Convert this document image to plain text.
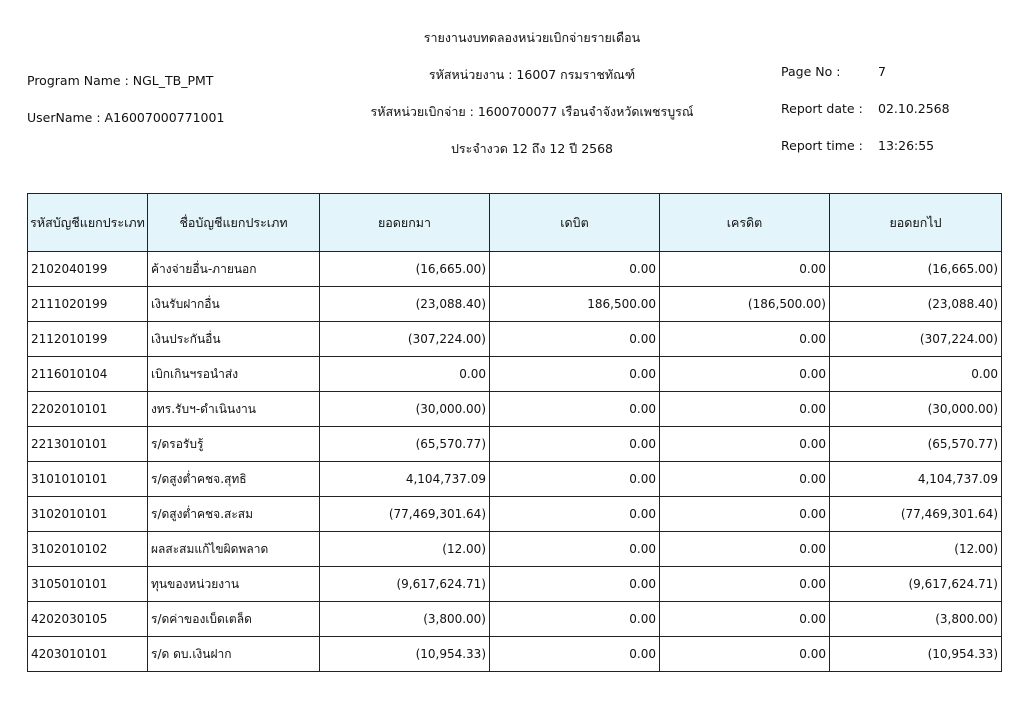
รายงานงบทดลองหน่วยเบิกจ่ายรายเดือน
รหัสหน่วยงาน : 16007 กรมราชทัณฑ์
รหัสหน่วยเบิกจ่าย : 1600700077 เรือนจำจังหวัดเพชรบูรณ์
ประจำงวด 12 ถึง 12 ปี 2568
Program Name : NGL_TB_PMT
UserName : A16007000771001
Page No :	7
Report date : 02.10.2568
Report time : 13:26:55
รหัสบัญชีแยกประเภท	ชื่อบัญชีแยกประเภท	ยอดยกมา	เดบิต	เครดิต	ยอดยกไป
2102040199	ค้างจ่ายอื่น-ภายนอก	(16,665.00)	0.00	0.00	(16,665.00)
2111020199	เงินรับฝากอื่น	(23,088.40)	186,500.00	(186,500.00)	(23,088.40)
2112010199	เงินประกันอื่น	(307,224.00)	0.00	0.00	(307,224.00)
2116010104	เบิกเกินฯรอนำส่ง	0.00	0.00	0.00	0.00
2202010101	งทร.รับฯ-ดำเนินงาน	(30,000.00)	0.00	0.00	(30,000.00)
2213010101	ร/ดรอรับรู้	(65,570.77)	0.00	0.00	(65,570.77)
3101010101	ร/ดสูงต่ำคชจ.สุทธิ	4,104,737.09	0.00	0.00	4,104,737.09
3102010101	ร/ดสูงต่ำคชจ.สะสม	(77,469,301.64)	0.00	0.00	(77,469,301.64)
3102010102	ผลสะสมแก้ไขผิดพลาด	(12.00)	0.00	0.00	(12.00)
3105010101	ทุนของหน่วยงาน	(9,617,624.71)	0.00	0.00	(9,617,624.71)
4202030105	ร/ดค่าของเบ็ดเตล็ด	(3,800.00)	0.00	0.00	(3,800.00)
4203010101	ร/ด ดบ.เงินฝาก	(10,954.33)	0.00	0.00	(10,954.33)
